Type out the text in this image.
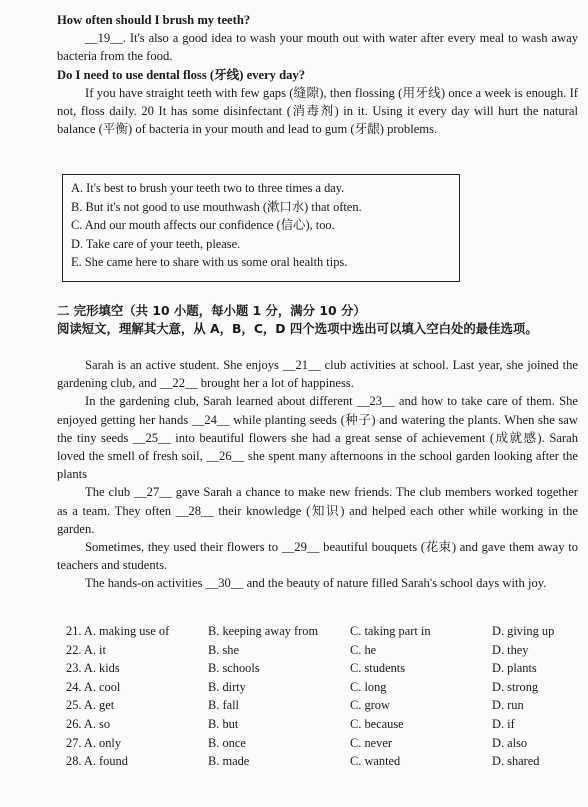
How often should I brush my teeth?

__19__. It's also a good idea to wash your mouth out with water after every meal to wash away bacteria from the food.

Do I need to use dental floss (牙线) every day?

If you have straight teeth with few gaps (缝隙), then flossing (用牙线) once a week is enough. If not, floss daily. 20 It has some disinfectant (消毒剂) in it. Using it every day will hurt the natural balance (平衡) of bacteria in your mouth and lead to gum (牙龈) problems.

A. It's best to brush your teeth two to three times a day.

B. But it's not good to use mouthwash (漱口水) that often.

C. And our mouth affects our confidence (信心), too.

D. Take care of your teeth, please.

E. She came here to share with us some oral health tips.

二 完形填空（共 10 小题，每小题 1 分，满分 10 分）

阅读短文，理解其大意，从 A，B，C，D 四个选项中选出可以填入空白处的最佳选项。

Sarah is an active student. She enjoys __21__ club activities at school. Last year, she joined the gardening club, and __22__ brought her a lot of happiness.

In the gardening club, Sarah learned about different __23__ and how to take care of them. She enjoyed getting her hands __24__ while planting seeds (种子) and watering the plants. When she saw the tiny seeds __25__ into beautiful flowers she had a great sense of achievement (成就感). Sarah loved the smell of fresh soil, __26__ she spent many afternoons in the school garden looking after the plants

The club __27__ gave Sarah a chance to make new friends. The club members worked together as a team. They often __28__ their knowledge (知识) and helped each other while working in the garden.

Sometimes, they used their flowers to __29__ beautiful bouquets (花束) and gave them away to teachers and students.

The hands-on activities __30__ and the beauty of nature filled Sarah's school days with joy.

21. A. making use of	B. keeping away from	C. taking part in	D. giving up
22. A. it	B. she	C. he	D. they
23. A. kids	B. schools	C. students	D. plants
24. A. cool	B. dirty	C. long	D. strong
25. A. get	B. fall	C. grow	D. run
26. A. so	B. but	C. because	D. if
27. A. only	B. once	C. never	D. also
28. A. found	B. made	C. wanted	D. shared
